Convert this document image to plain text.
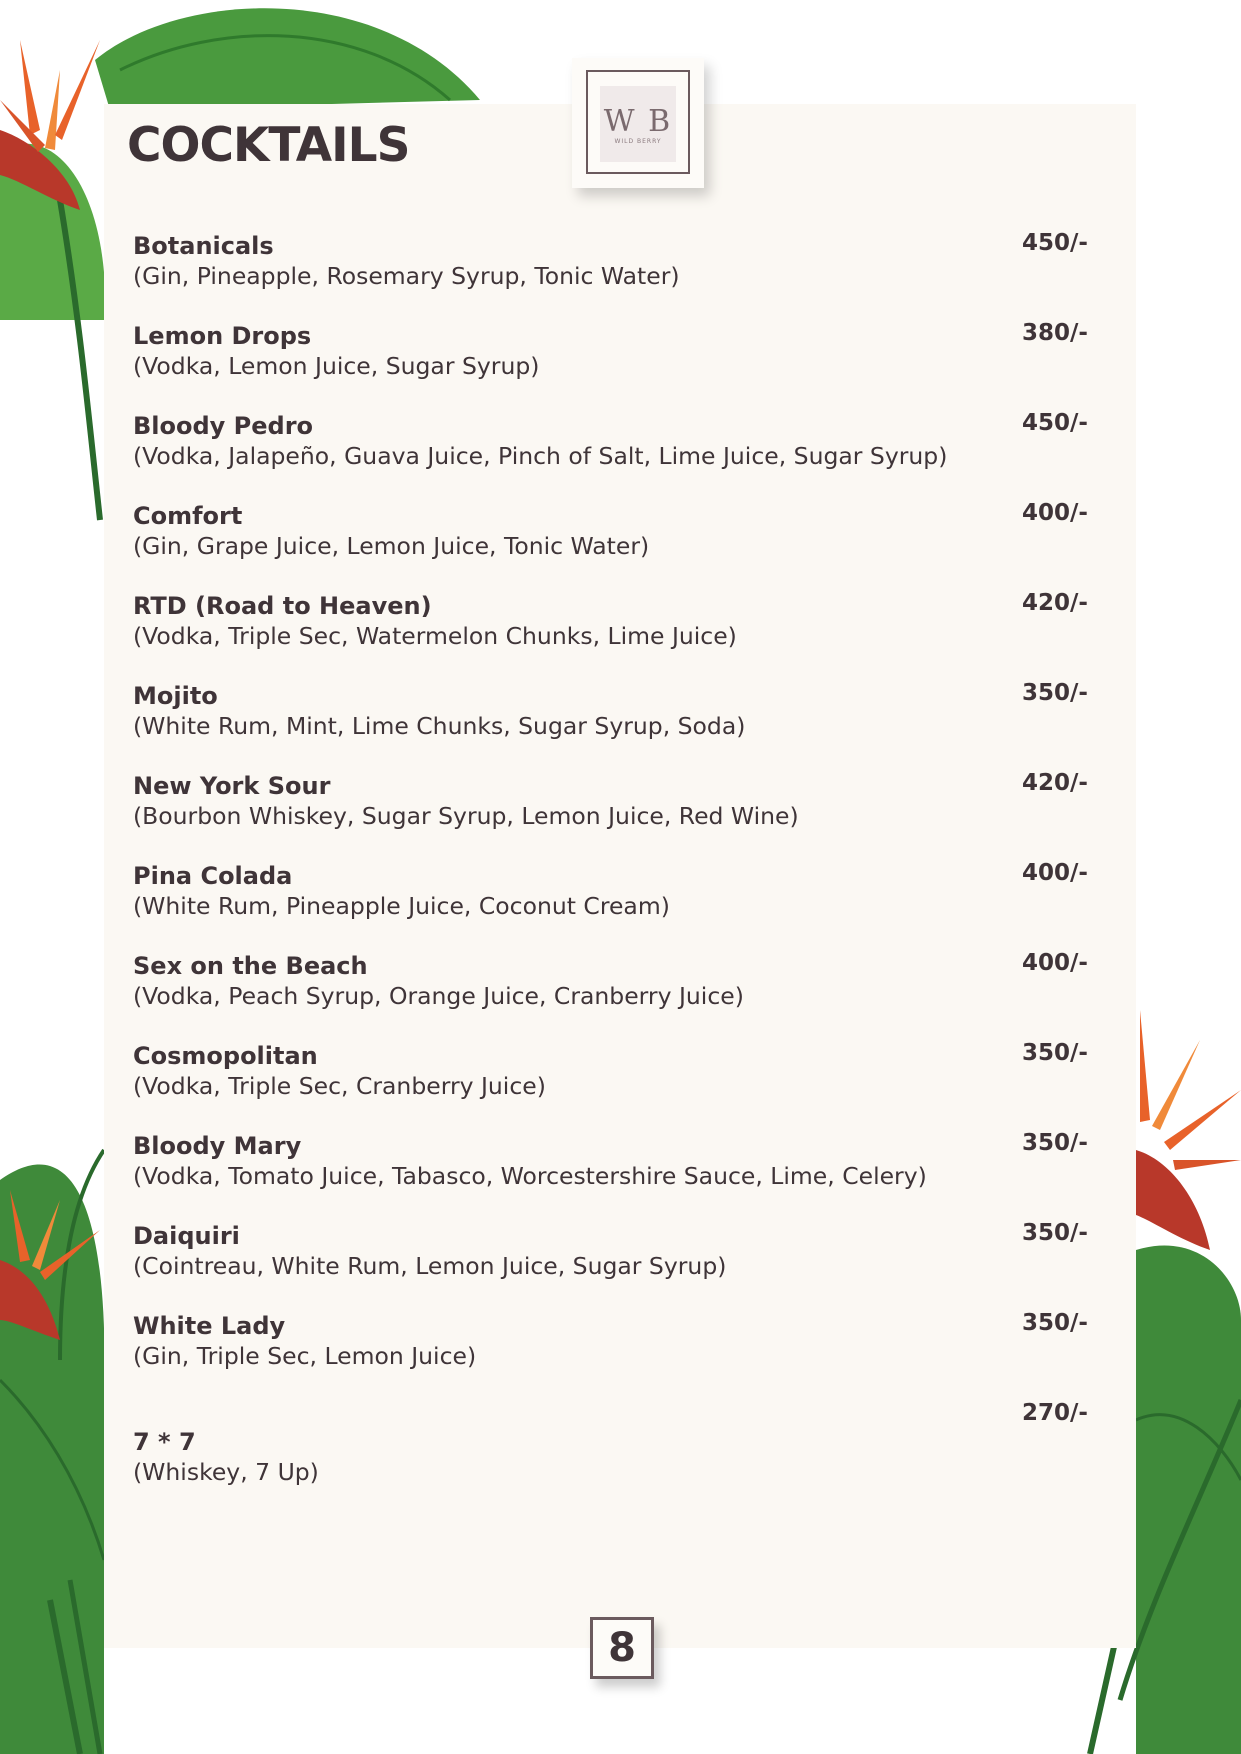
COCKTAILS	W B
WILD BERRY
Botanicals
(Gin, Pineapple, Rosemary Syrup, Tonic Water)
450/-
Lemon Drops
(Vodka, Lemon Juice, Sugar Syrup)
380/-
Bloody Pedro
(Vodka, Jalapeño, Guava Juice, Pinch of Salt, Lime Juice, Sugar Syrup)
450/-
Comfort
(Gin, Grape Juice, Lemon Juice, Tonic Water)
400/-
RTD (Road to Heaven)
(Vodka, Triple Sec, Watermelon Chunks, Lime Juice)
420/-
Mojito
(White Rum, Mint, Lime Chunks, Sugar Syrup, Soda)
350/-
New York Sour
(Bourbon Whiskey, Sugar Syrup, Lemon Juice, Red Wine)
420/-
Pina Colada
(White Rum, Pineapple Juice, Coconut Cream)
400/-
Sex on the Beach
(Vodka, Peach Syrup, Orange Juice, Cranberry Juice)
400/-
Cosmopolitan
(Vodka, Triple Sec, Cranberry Juice)
350/-
Bloody Mary
(Vodka, Tomato Juice, Tabasco, Worcestershire Sauce, Lime, Celery)
350/-
Daiquiri
(Cointreau, White Rum, Lemon Juice, Sugar Syrup)
350/-
White Lady
(Gin, Triple Sec, Lemon Juice)
350/-
7 * 7
(Whiskey, 7 Up)
270/-
8
